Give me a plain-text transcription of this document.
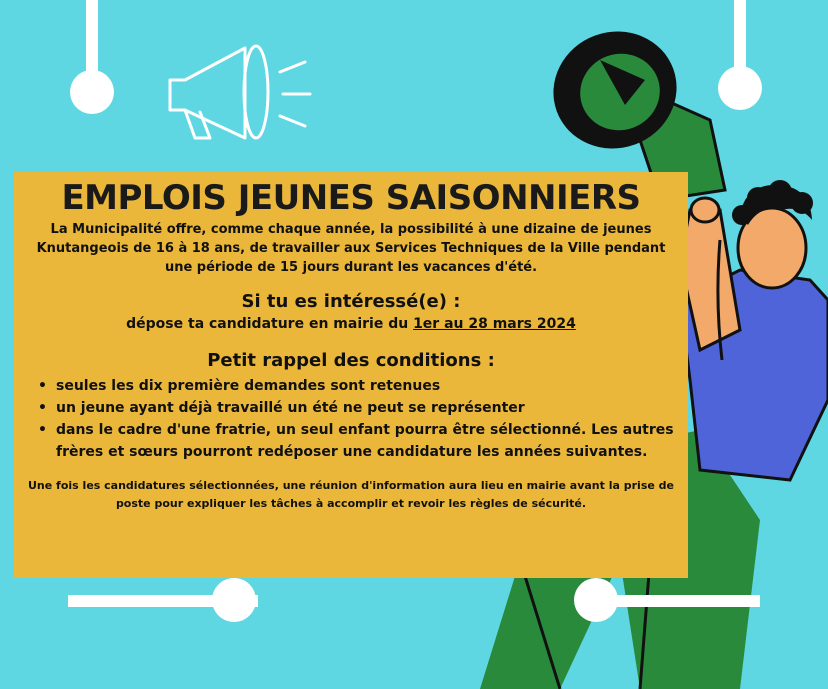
EMPLOIS JEUNES SAISONNIERS

La Municipalité offre, comme chaque année, la possibilité à une dizaine de jeunes Knutangeois de 16 à 18 ans, de travailler aux Services Techniques de la Ville pendant une période de 15 jours durant les vacances d'été.

Si tu es intéressé(e) :

dépose ta candidature en mairie du 1er au 28 mars 2024

Petit rappel des conditions :
• seules les dix première demandes sont retenues
• un jeune ayant déjà travaillé un été ne peut se représenter
• dans le cadre d'une fratrie, un seul enfant pourra être sélectionné. Les autres frères et sœurs pourront redéposer une candidature les années suivantes.

Une fois les candidatures sélectionnées, une réunion d'information aura lieu en mairie avant la prise de poste pour expliquer les tâches à accomplir et revoir les règles de sécurité.
